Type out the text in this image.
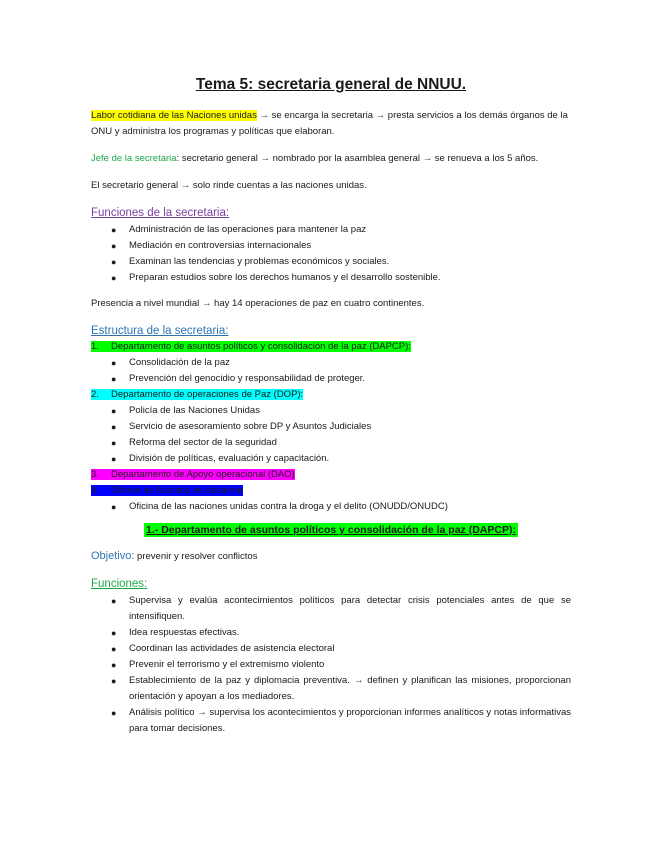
Tema 5: secretaria general de NNUU.

Labor cotidiana de las Naciones unidas → se encarga la secretaria → presta servicios a los demás órganos de la ONU y administra los programas y políticas que elaboran.

Jefe de la secretaria: secretario general → nombrado por la asamblea general → se renueva a los 5 años.

El secretario general → solo rinde cuentas a las naciones unidas.

Funciones de la secretaria:
● Administración de las operaciones para mantener la paz
● Mediación en controversias internacionales
● Examinan las tendencias y problemas económicos y sociales.
● Preparan estudios sobre los derechos humanos y el desarrollo sostenible.

Presencia a nivel mundial → hay 14 operaciones de paz en cuatro continentes.

Estructura de la secretaria:
1. Departamento de asuntos políticos y consolidación de la paz (DAPCP):
● Consolidación de la paz
● Prevención del genocidio y responsabilidad de proteger.
2. Departamento de operaciones de Paz (DOP):
● Policía de las Naciones Unidas
● Servicio de asesoramiento sobre DP y Asuntos Judiciales
● Reforma del sector de la seguridad
● División de políticas, evaluación y capacitación.
3. Departamento de Apoyo operacional (DAO)
4. Oficina de Asuntos de desarme
● Oficina de las naciones unidas contra la droga y el delito (ONUDD/ONUDC)
1.- Departamento de asuntos políticos y consolidación de la paz (DAPCP):

Objetivo: prevenir y resolver conflictos

Funciones:
● Supervisa y evalúa acontecimientos políticos para detectar crisis potenciales antes de que se intensifiquen.
● Idea respuestas efectivas.
● Coordinan las actividades de asistencia electoral
● Prevenir el terrorismo y el extremismo violento
● Establecimiento de la paz y diplomacia preventiva. → definen y planifican las misiones, proporcionan orientación y apoyan a los mediadores.
● Análisis político → supervisa los acontecimientos y proporcionan informes analíticos y notas informativas para tomar decisiones.
